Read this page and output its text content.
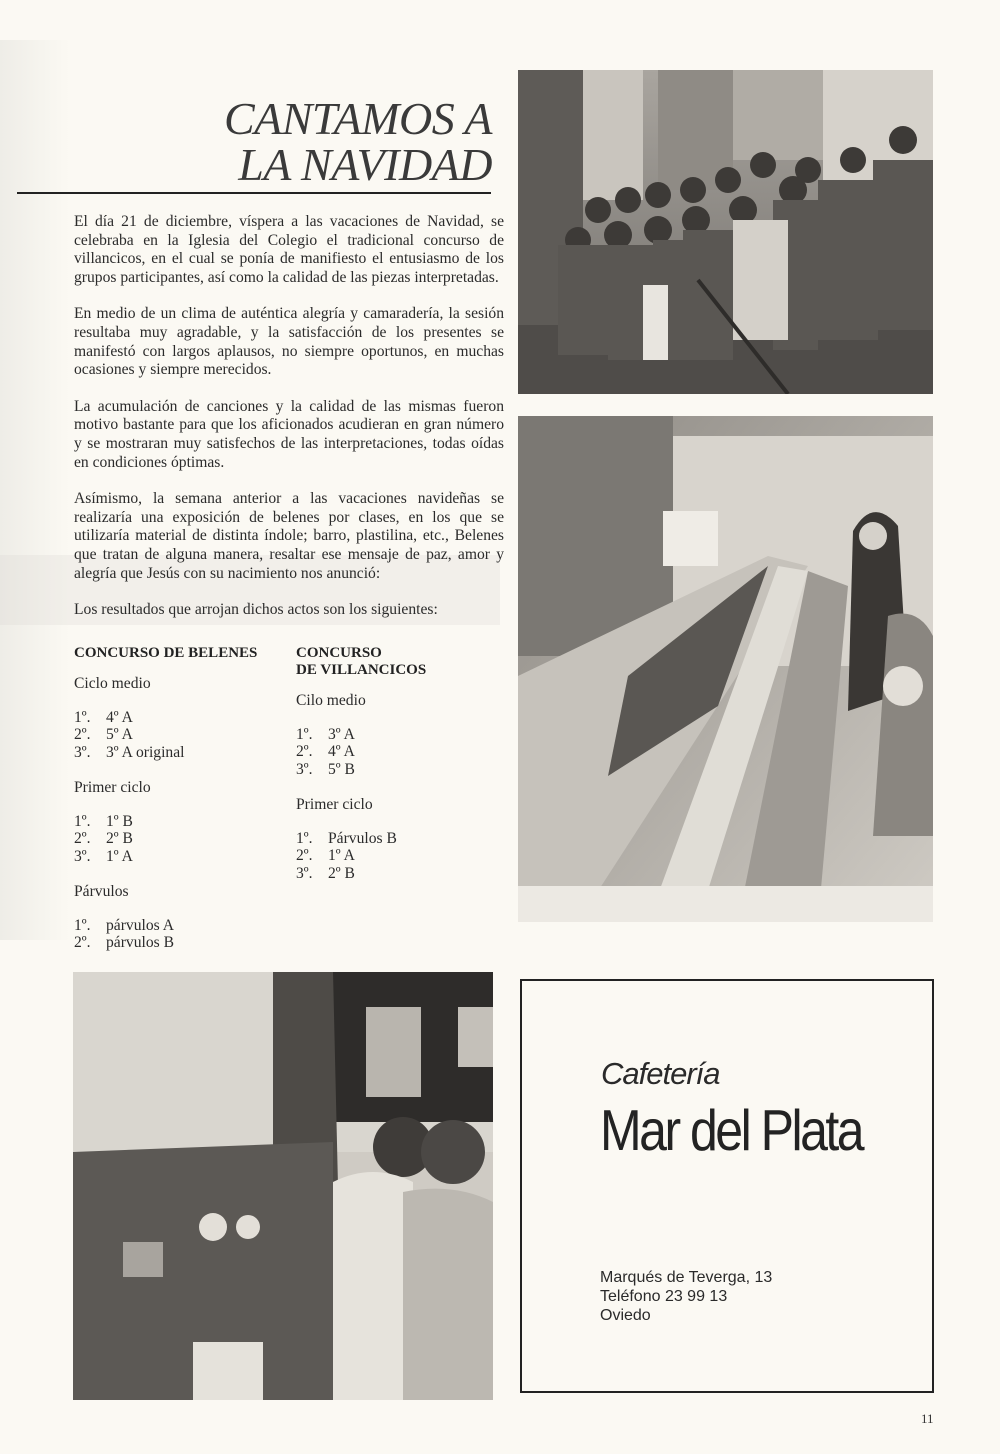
CANTAMOS A
LA NAVIDAD

El día 21 de diciembre, víspera a las vacaciones de Navidad, se celebraba en la Iglesia del Colegio el tradicional concurso de villancicos, en el cual se ponía de manifiesto el entusiasmo de los grupos participantes, así como la calidad de las piezas interpretadas.

En medio de un clima de auténtica alegría y camaradería, la sesión resultaba muy agradable, y la satisfacción de los presentes se manifestó con largos aplausos, no siempre oportunos, en muchas ocasiones y siempre merecidos.

La acumulación de canciones y la calidad de las mismas fueron motivo bastante para que los aficionados acudieran en gran número y se mostraran muy satisfechos de las interpretaciones, todas oídas en condiciones óptimas.

Asímismo, la semana anterior a las vacaciones navideñas se realizaría una exposición de belenes por clases, en los que se utilizaría material de distinta índole; barro, plastilina, etc., Belenes que tratan de alguna manera, resaltar ese mensaje de paz, amor y alegría que Jesús con su nacimiento nos anunció:

Los resultados que arrojan dichos actos son los siguientes:

CONCURSO DE BELENES
Ciclo medio
1º. 4º A
2º. 5º A
3º. 3º A original
Primer ciclo
1º. 1º B
2º. 2º B
3º. 1º A
Párvulos
1º. párvulos A
2º. párvulos B
CONCURSO
DE VILLANCICOS
Cilo medio
1º. 3º A
2º. 4º A
3º. 5º B
Primer ciclo
1º. Párvulos B
2º. 1º A
3º. 2º B
Cafetería
Mar del Plata
Marqués de Teverga, 13
Teléfono 23 99 13
Oviedo
11
